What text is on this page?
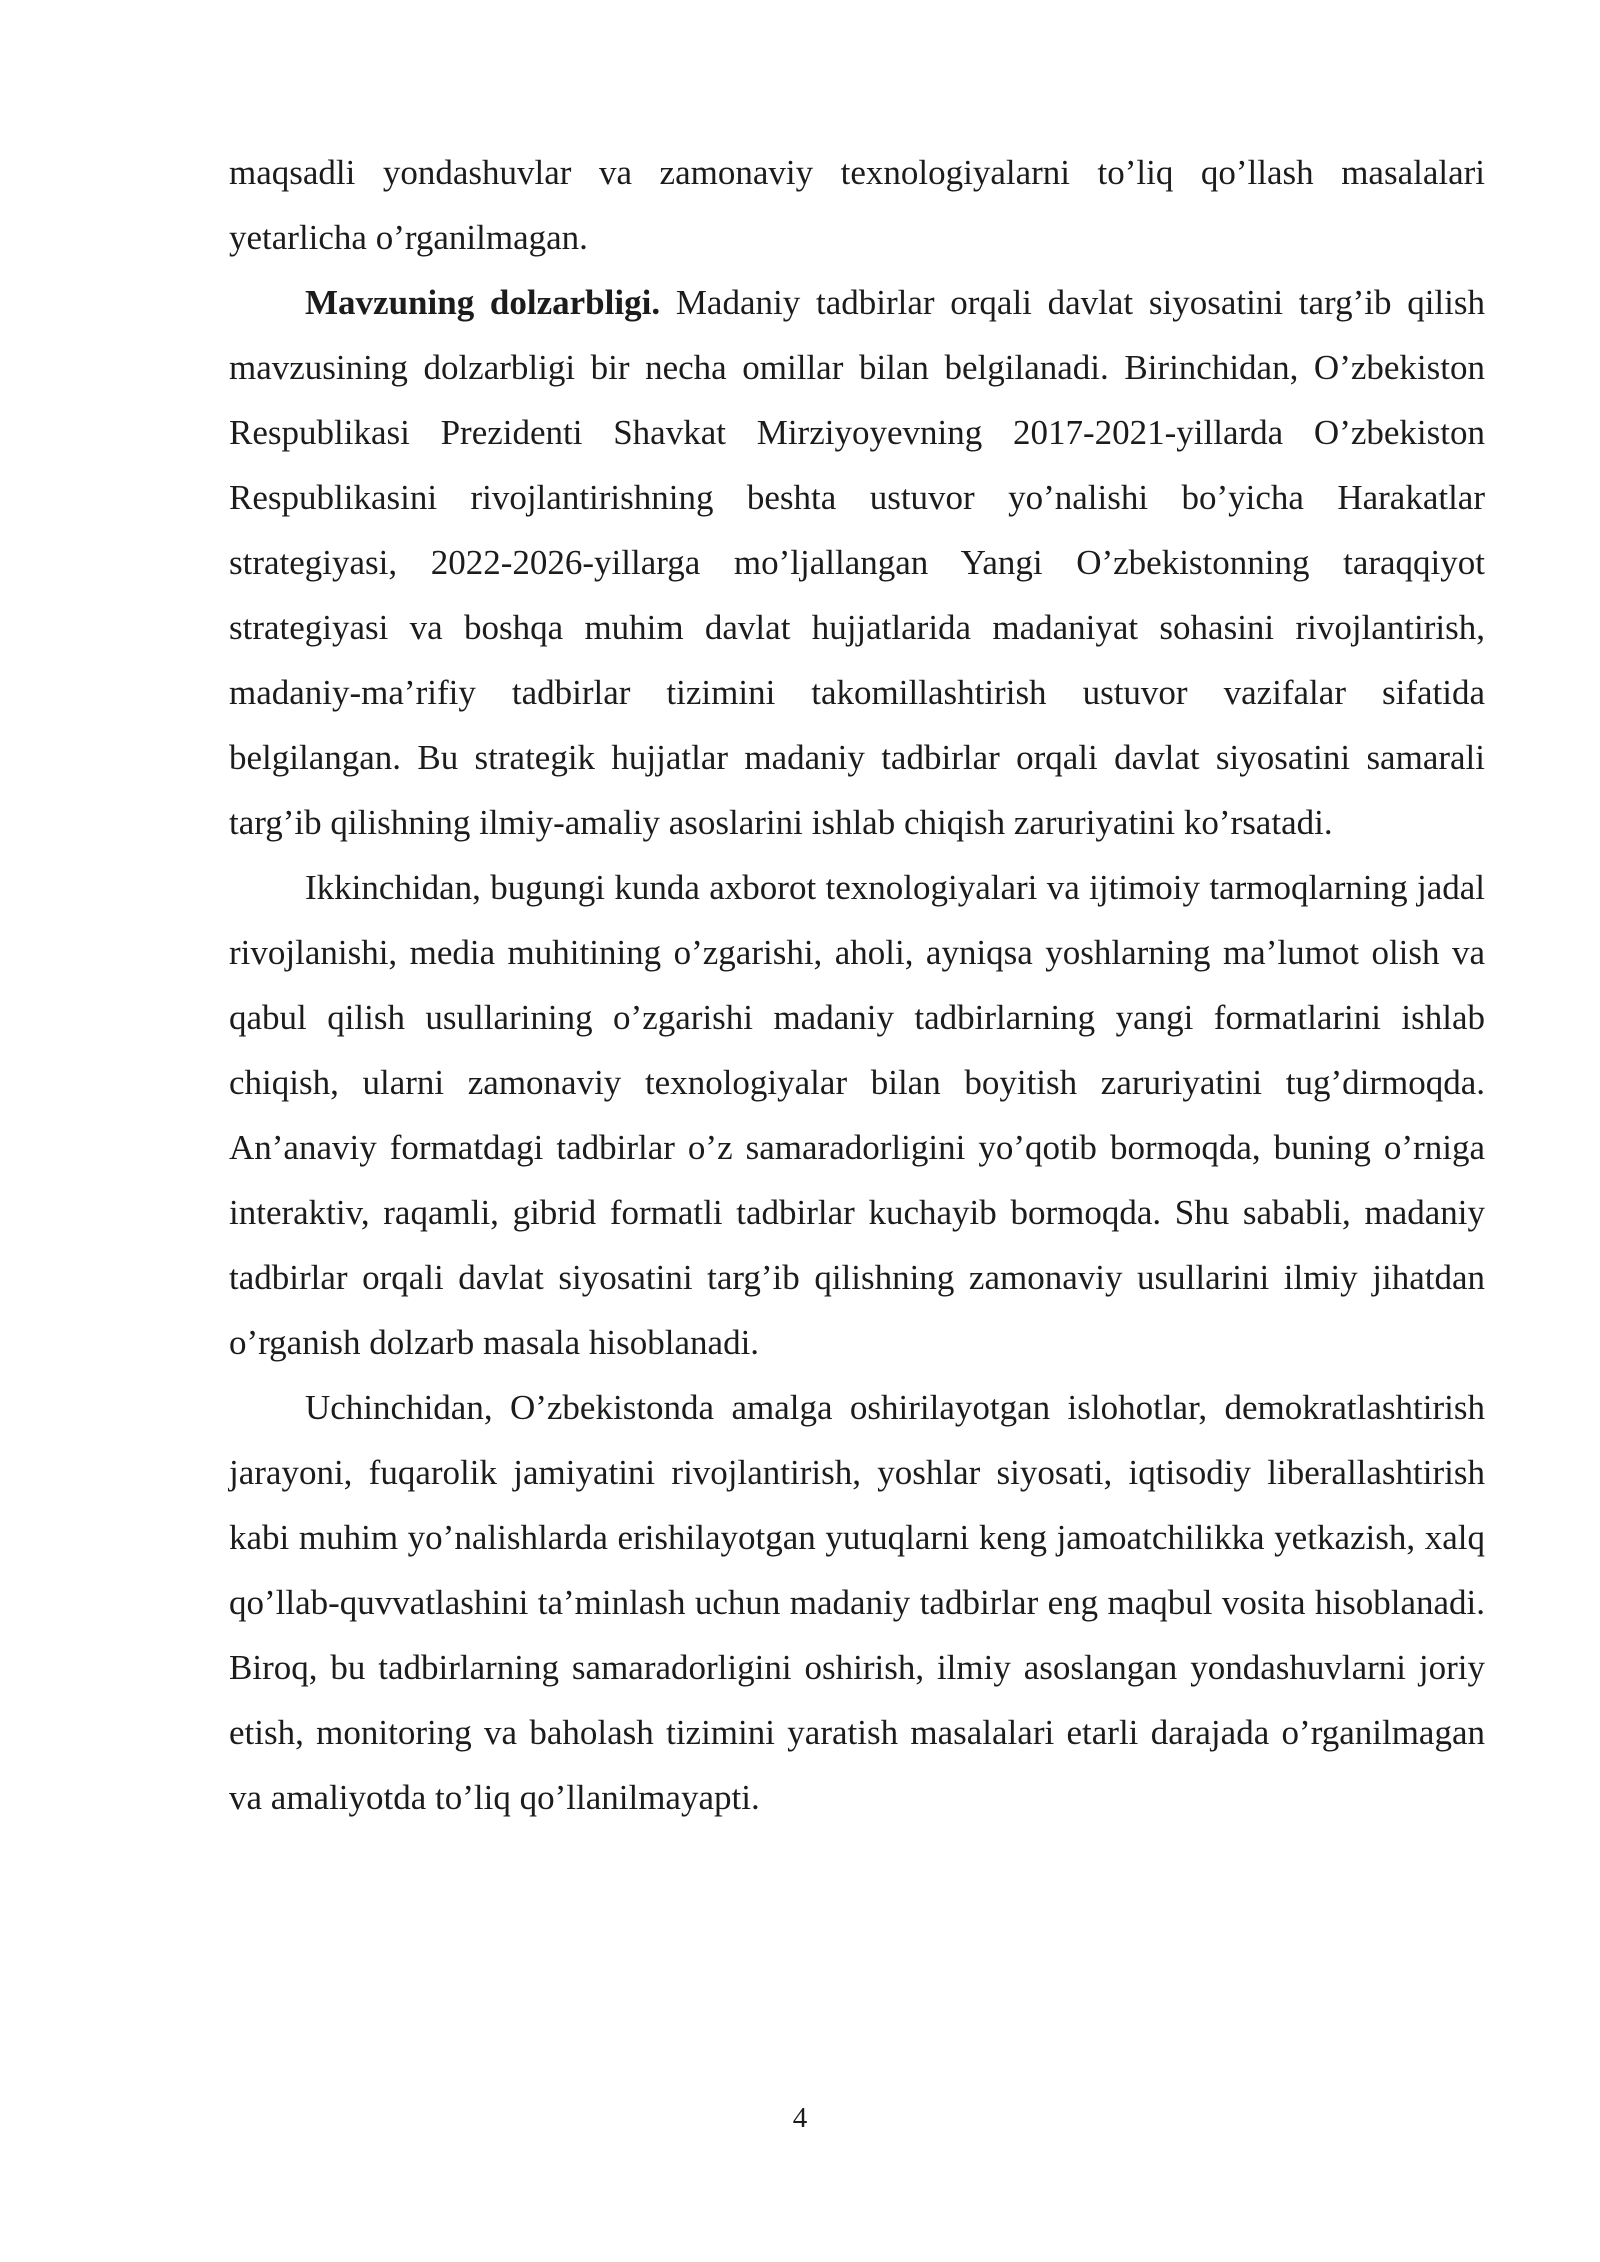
maqsadli yondashuvlar va zamonaviy texnologiyalarni to’liq qo’llash masalalari yetarlicha o’rganilmagan.

Mavzuning dolzarbligi. Madaniy tadbirlar orqali davlat siyosatini targ’ib qilish mavzusining dolzarbligi bir necha omillar bilan belgilanadi. Birinchidan, O’zbekiston Respublikasi Prezidenti Shavkat Mirziyoyevning 2017-2021-yillarda O’zbekiston Respublikasini rivojlantirishning beshta ustuvor yo’nalishi bo’yicha Harakatlar strategiyasi, 2022-2026-yillarga mo’ljallangan Yangi O’zbekistonning taraqqiyot strategiyasi va boshqa muhim davlat hujjatlarida madaniyat sohasini rivojlantirish, madaniy-ma’rifiy tadbirlar tizimini takomillashtirish ustuvor vazifalar sifatida belgilangan. Bu strategik hujjatlar madaniy tadbirlar orqali davlat siyosatini samarali targ’ib qilishning ilmiy-amaliy asoslarini ishlab chiqish zaruriyatini ko’rsatadi.

Ikkinchidan, bugungi kunda axborot texnologiyalari va ijtimoiy tarmoqlarning jadal rivojlanishi, media muhitining o’zgarishi, aholi, ayniqsa yoshlarning ma’lumot olish va qabul qilish usullarining o’zgarishi madaniy tadbirlarning yangi formatlarini ishlab chiqish, ularni zamonaviy texnologiyalar bilan boyitish zaruriyatini tug’dirmoqda. An’anaviy formatdagi tadbirlar o’z samaradorligini yo’qotib bormoqda, buning o’rniga interaktiv, raqamli, gibrid formatli tadbirlar kuchayib bormoqda. Shu sababli, madaniy tadbirlar orqali davlat siyosatini targ’ib qilishning zamonaviy usullarini ilmiy jihatdan o’rganish dolzarb masala hisoblanadi.

Uchinchidan, O’zbekistonda amalga oshirilayotgan islohotlar, demokratlashtirish jarayoni, fuqarolik jamiyatini rivojlantirish, yoshlar siyosati, iqtisodiy liberallashtirish kabi muhim yo’nalishlarda erishilayotgan yutuqlarni keng jamoatchilikka yetkazish, xalq qo’llab-quvvatlashini ta’minlash uchun madaniy tadbirlar eng maqbul vosita hisoblanadi. Biroq, bu tadbirlarning samaradorligini oshirish, ilmiy asoslangan yondashuvlarni joriy etish, monitoring va baholash tizimini yaratish masalalari etarli darajada o’rganilmagan va amaliyotda to’liq qo’llanilmayapti.

4
